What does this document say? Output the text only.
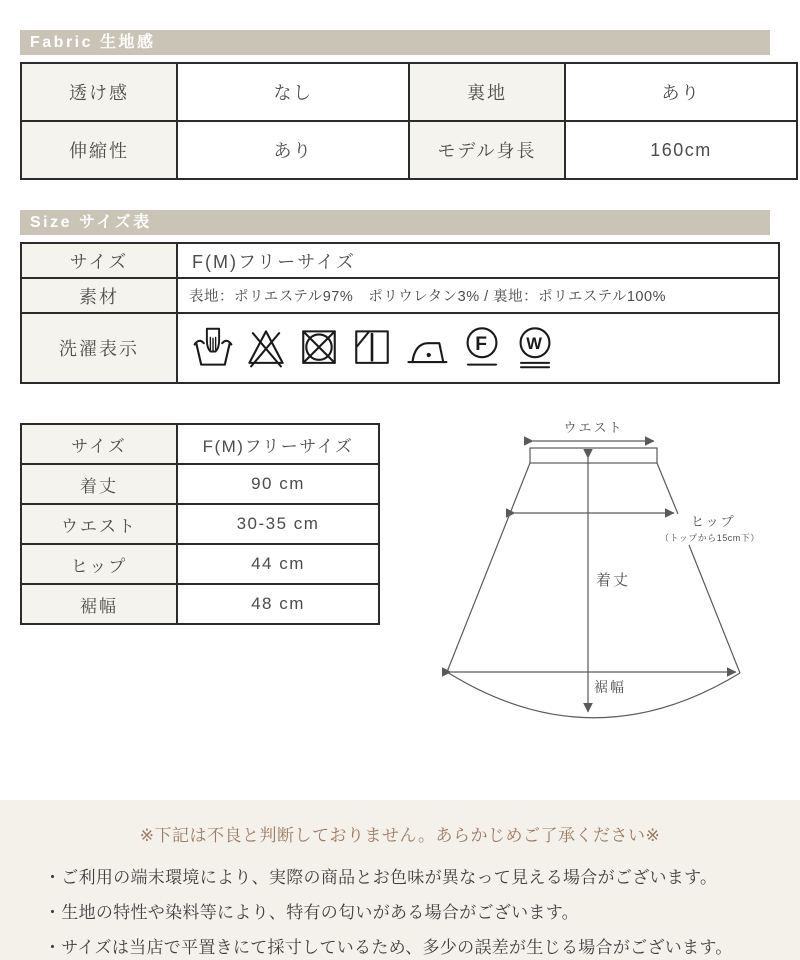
Fabric 生地感
透け感	なし	裏地	あり
伸縮性	あり	モデル身長	160cm
Size サイズ表
サイズ	F(M)フリーサイズ
素材	表地：ポリエステル97%　ポリウレタン3% / 裏地：ポリエステル100%
洗濯表示	F W
サイズ	F(M)フリーサイズ
着丈	90 cm
ウエスト	30-35 cm
ヒップ	44 cm
裾幅	48 cm
ウエスト
ヒップ
（トップから15cm下）
着丈
裾幅
※下記は不良と判断しておりません。あらかじめご了承ください※
・ご利用の端末環境により、実際の商品とお色味が異なって見える場合がございます。
・生地の特性や染料等により、特有の匂いがある場合がございます。
・サイズは当店で平置きにて採寸しているため、多少の誤差が生じる場合がございます。
